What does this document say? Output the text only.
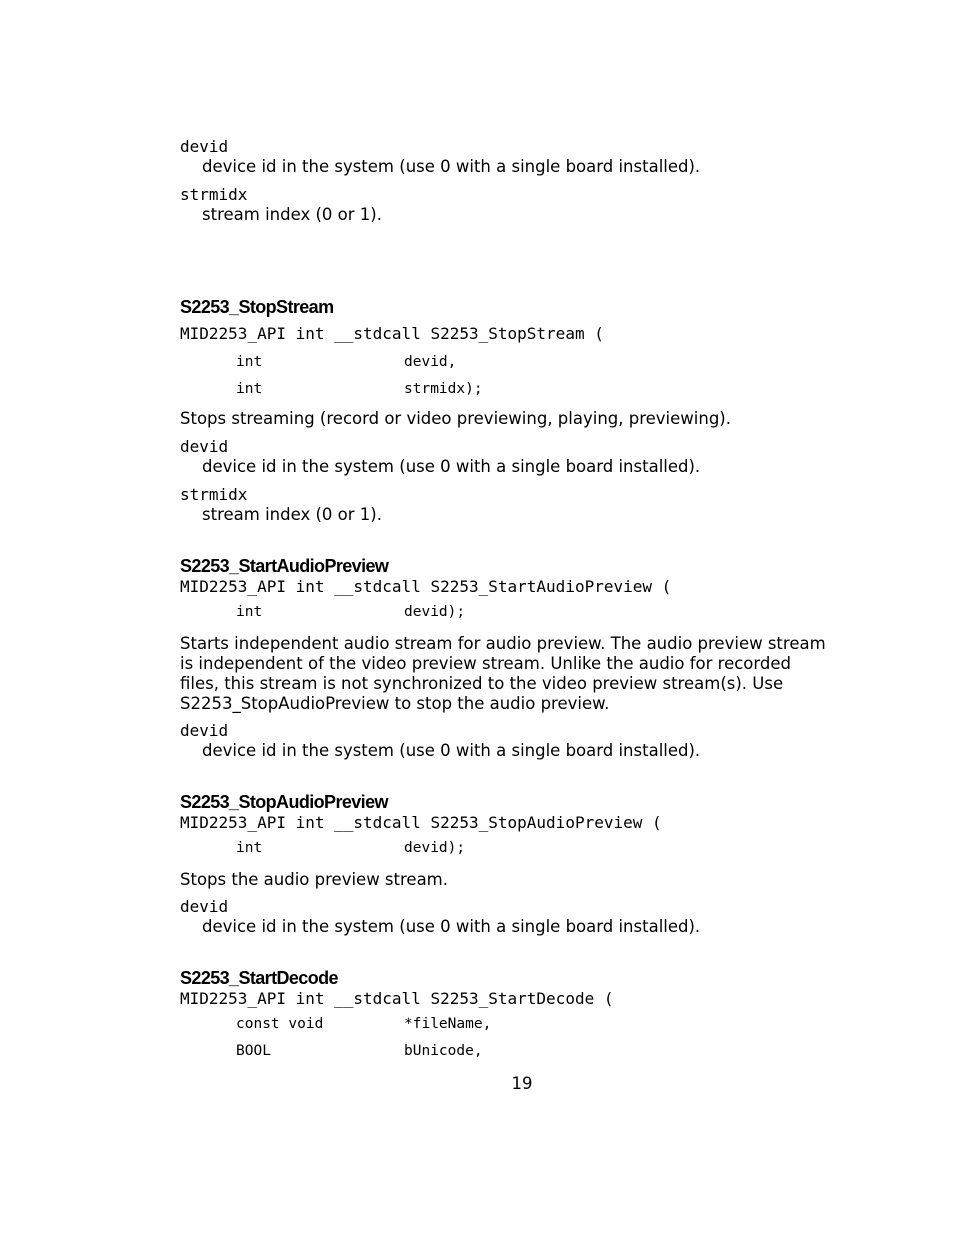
devid
device id in the system (use 0 with a single board installed).
strmidx
stream index (0 or 1).
S2253_StopStream
MID2253_API int __stdcall S2253_StopStream (
int	devid,
int	strmidx);
Stops streaming (record or video previewing, playing, previewing).
devid
device id in the system (use 0 with a single board installed).
strmidx
stream index (0 or 1).
S2253_StartAudioPreview
MID2253_API int __stdcall S2253_StartAudioPreview (
int	devid);
Starts independent audio stream for audio preview. The audio preview stream
is independent of the video preview stream. Unlike the audio for recorded
files, this stream is not synchronized to the video preview stream(s). Use
S2253_StopAudioPreview to stop the audio preview.
devid
device id in the system (use 0 with a single board installed).
S2253_StopAudioPreview
MID2253_API int __stdcall S2253_StopAudioPreview (
int	devid);
Stops the audio preview stream.
devid
device id in the system (use 0 with a single board installed).
S2253_StartDecode
MID2253_API int __stdcall S2253_StartDecode (
const void	*fileName,
BOOL	bUnicode,
19
